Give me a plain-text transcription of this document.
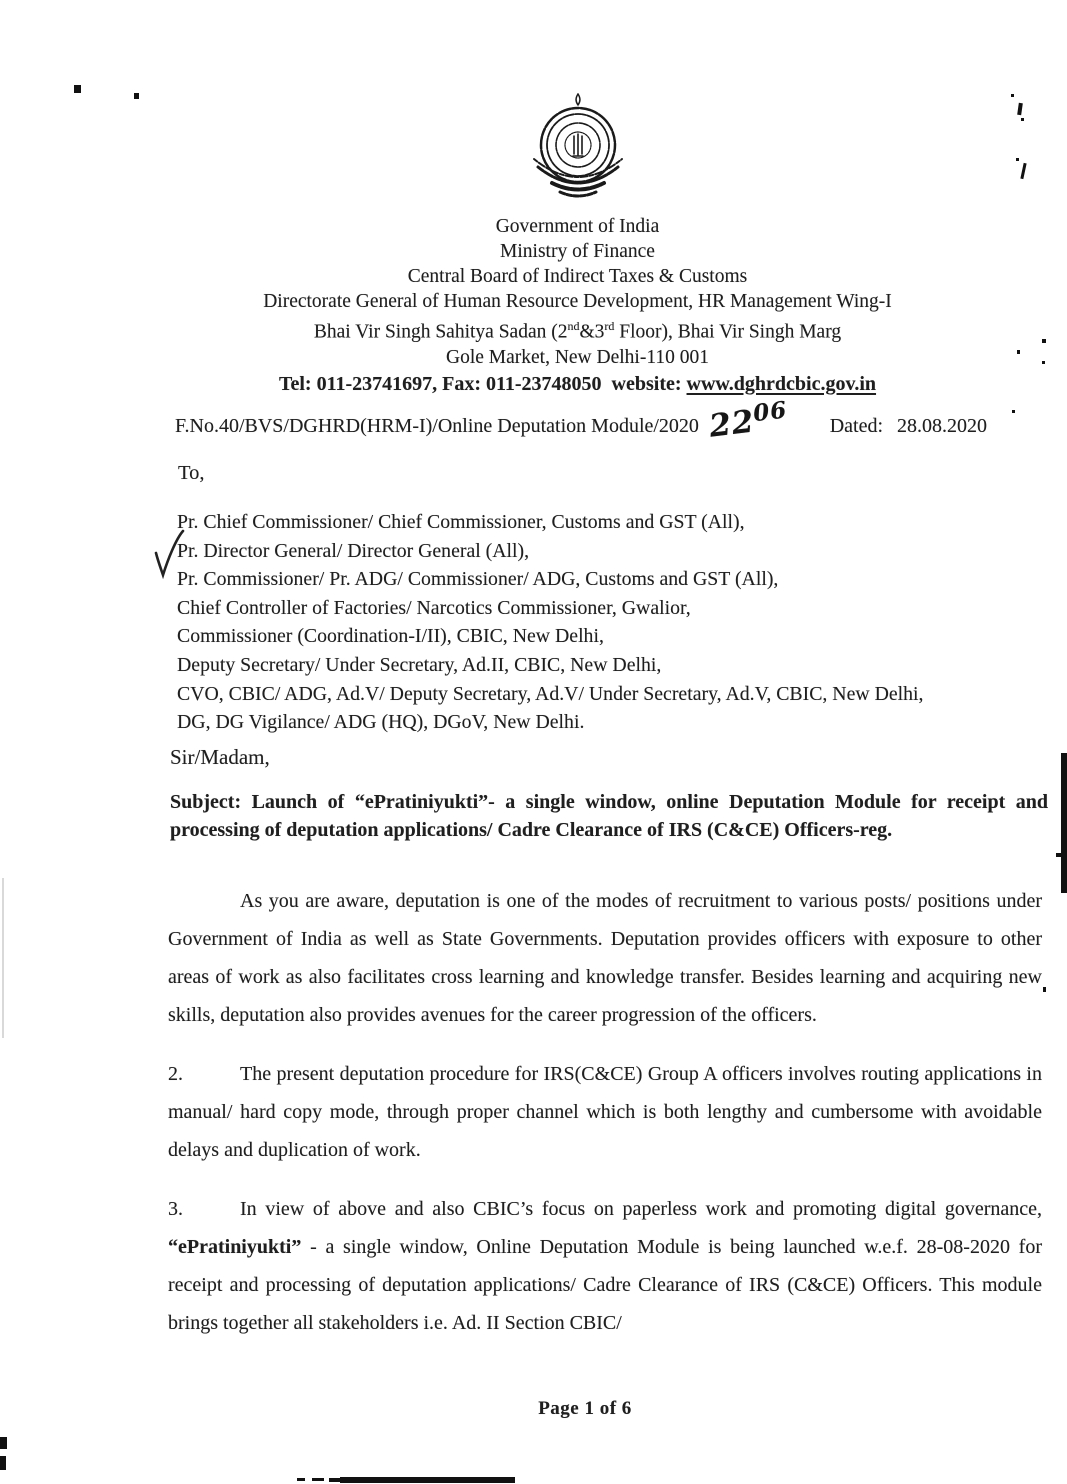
Government of India
Ministry of Finance
Central Board of Indirect Taxes & Customs
Directorate General of Human Resource Development, HR Management Wing-I
Bhai Vir Singh Sahitya Sadan (2nd&3rd Floor), Bhai Vir Singh Marg
Gole Market, New Delhi-110 001
Tel: 011-23741697, Fax: 011-23748050  website: www.dghrdcbic.gov.in
F.No.40/BVS/DGHRD(HRM-I)/Online Deputation Module/2020 $22^{06}$ Dated: 28.08.2020
To,
Pr. Chief Commissioner/ Chief Commissioner, Customs and GST (All),
Pr. Director General/ Director General (All),
Pr. Commissioner/ Pr. ADG/ Commissioner/ ADG, Customs and GST (All),
Chief Controller of Factories/ Narcotics Commissioner, Gwalior,
Commissioner (Coordination-I/II), CBIC, New Delhi,
Deputy Secretary/ Under Secretary, Ad.II, CBIC, New Delhi,
CVO, CBIC/ ADG, Ad.V/ Deputy Secretary, Ad.V/ Under Secretary, Ad.V, CBIC, New Delhi,
DG, DG Vigilance/ ADG (HQ), DGoV, New Delhi.
Sir/Madam,
Subject: Launch of “ePratiniyukti”- a single window, online Deputation Module for receipt and processing of deputation applications/ Cadre Clearance of IRS (C&CE) Officers-reg.

As you are aware, deputation is one of the modes of recruitment to various posts/ positions under Government of India as well as State Governments. Deputation provides officers with exposure to other areas of work as also facilitates cross learning and knowledge transfer. Besides learning and acquiring new skills, deputation also provides avenues for the career progression of the officers.

2.	The present deputation procedure for IRS(C&CE) Group A officers involves routing applications in manual/ hard copy mode, through proper channel which is both lengthy and cumbersome with avoidable delays and duplication of work.

3.	In view of above and also CBIC’s focus on paperless work and promoting digital governance, “ePratiniyukti” - a single window, Online Deputation Module is being launched w.e.f. 28-08-2020 for receipt and processing of deputation applications/ Cadre Clearance of IRS (C&CE) Officers. This module brings together all stakeholders i.e. Ad. II Section CBIC/

Page 1 of 6
